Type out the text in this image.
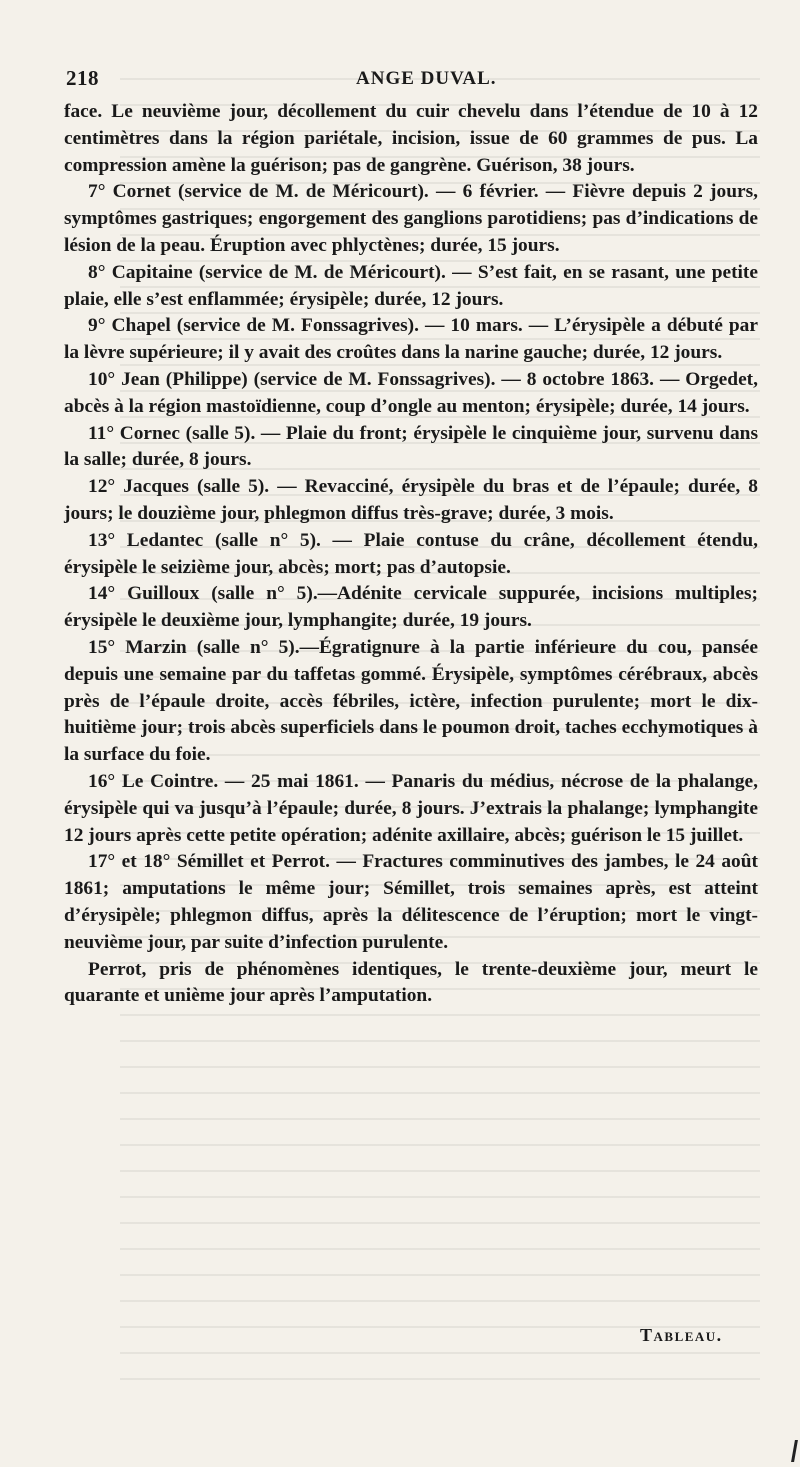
218	ANGE DUVAL.

face. Le neuvième jour, décollement du cuir chevelu dans l’étendue de 10 à 12 centimètres dans la région pariétale, incision, issue de 60 grammes de pus. La compression amène la guérison; pas de gangrène. Guérison, 38 jours.

7° Cornet (service de M. de Méricourt). — 6 février. — Fièvre depuis 2 jours, symptômes gastriques; engorgement des ganglions parotidiens; pas d’indications de lésion de la peau. Éruption avec phlyctènes; durée, 15 jours.

8° Capitaine (service de M. de Méricourt). — S’est fait, en se rasant, une petite plaie, elle s’est enflammée; érysipèle; durée, 12 jours.

9° Chapel (service de M. Fonssagrives). — 10 mars. — L’érysipèle a débuté par la lèvre supérieure; il y avait des croûtes dans la narine gauche; durée, 12 jours.

10° Jean (Philippe) (service de M. Fonssagrives). — 8 octobre 1863. — Orgedet, abcès à la région mastoïdienne, coup d’ongle au menton; érysipèle; durée, 14 jours.

11° Cornec (salle 5). — Plaie du front; érysipèle le cinquième jour, survenu dans la salle; durée, 8 jours.

12° Jacques (salle 5). — Revacciné, érysipèle du bras et de l’épaule; durée, 8 jours; le douzième jour, phlegmon diffus très-grave; durée, 3 mois.

13° Ledantec (salle n° 5). — Plaie contuse du crâne, décollement étendu, érysipèle le seizième jour, abcès; mort; pas d’autopsie.

14° Guilloux (salle n° 5).—Adénite cervicale suppurée, incisions multiples; érysipèle le deuxième jour, lymphangite; durée, 19 jours.

15° Marzin (salle n° 5).—Égratignure à la partie inférieure du cou, pansée depuis une semaine par du taffetas gommé. Érysipèle, symptômes cérébraux, abcès près de l’épaule droite, accès fébriles, ictère, infection purulente; mort le dix-huitième jour; trois abcès superficiels dans le poumon droit, taches ecchymotiques à la surface du foie.

16° Le Cointre. — 25 mai 1861. — Panaris du médius, nécrose de la phalange, érysipèle qui va jusqu’à l’épaule; durée, 8 jours. J’extrais la phalange; lymphangite 12 jours après cette petite opération; adénite axillaire, abcès; guérison le 15 juillet.

17° et 18° Sémillet et Perrot. — Fractures comminutives des jambes, le 24 août 1861; amputations le même jour; Sémillet, trois semaines après, est atteint d’érysipèle; phlegmon diffus, après la délitescence de l’éruption; mort le vingt-neuvième jour, par suite d’infection purulente.

Perrot, pris de phénomènes identiques, le trente-deuxième jour, meurt le quarante et unième jour après l’amputation.

Tableau.
